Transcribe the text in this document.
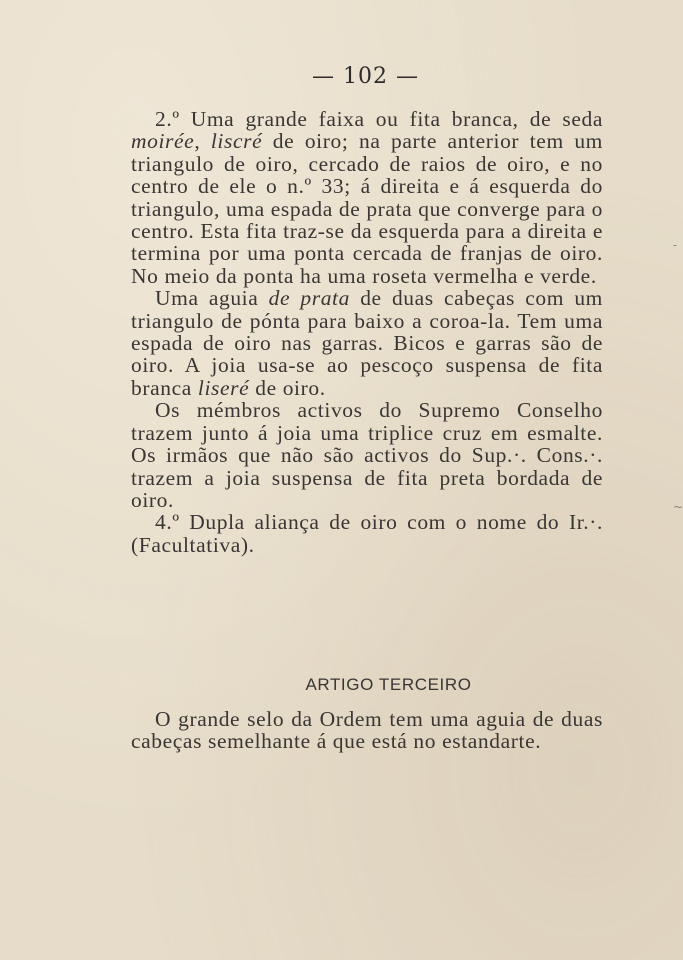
— 102 —

2.º Uma grande faixa ou fita branca, de seda moirée, liscré de oiro; na parte anterior tem um triangulo de oiro, cercado de raios de oiro, e no centro de ele o n.º 33; á direita e á esquerda do triangulo, uma espada de prata que converge para o centro. Esta fita traz-se da esquerda para a direita e termina por uma ponta cercada de franjas de oiro. No meio da ponta ha uma roseta vermelha e verde.

Uma aguia de prata de duas cabeças com um triangulo de pónta para baixo a coroa-la. Tem uma espada de oiro nas garras. Bicos e garras são de oiro. A joia usa-se ao pescoço suspensa de fita branca liseré de oiro.

Os mémbros activos do Supremo Conselho trazem junto á joia uma triplice cruz em esmalte. Os irmãos que não são activos do Sup.·. Cons.·. trazem a joia suspensa de fita preta bordada de oiro.

4.º Dupla aliança de oiro com o nome do Ir.·. (Facultativa).

ARTIGO TERCEIRO

O grande selo da Ordem tem uma aguia de duas cabeças semelhante á que está no estandarte.

-
~
